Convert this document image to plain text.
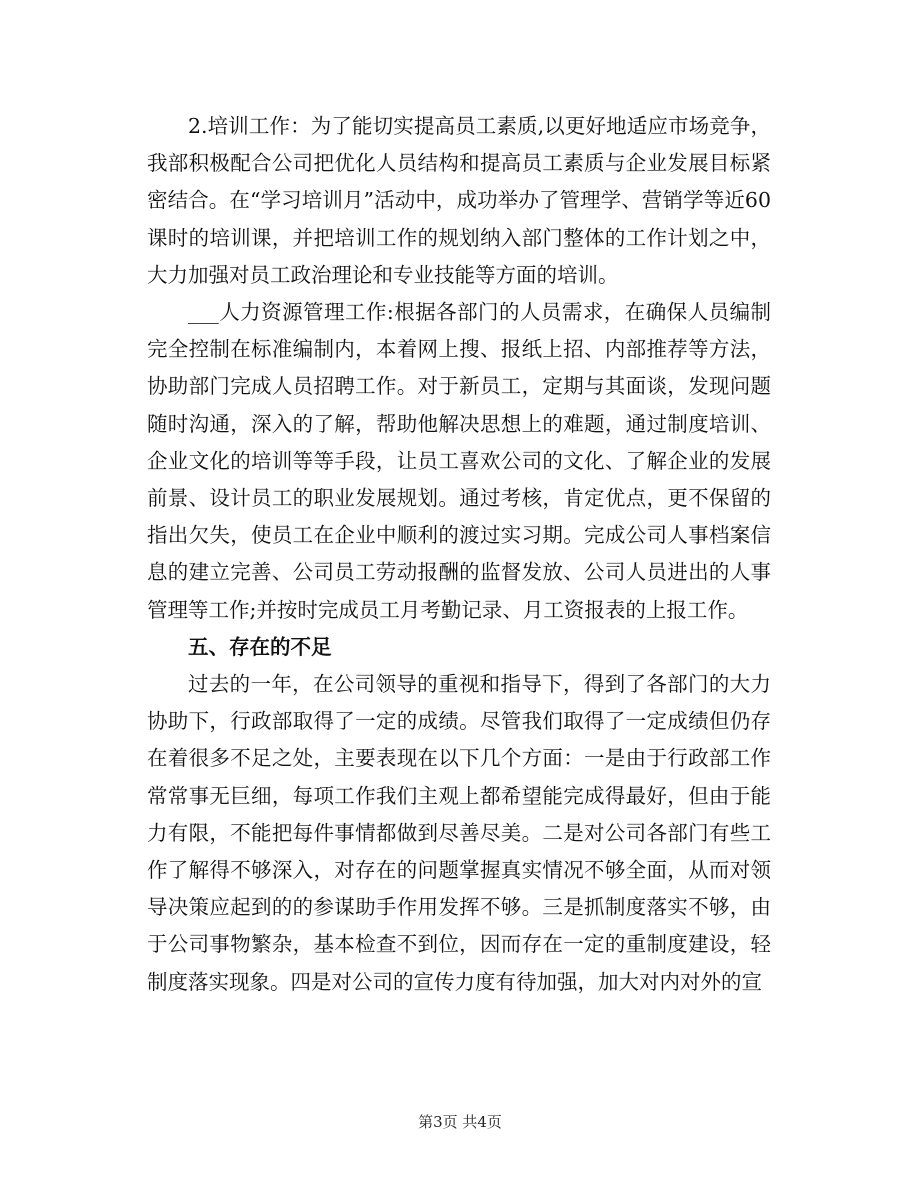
2.培训工作：为了能切实提高员工素质,以更好地适应市场竞争，我部积极配合公司把优化人员结构和提高员工素质与企业发展目标紧密结合。在“学习培训月”活动中，成功举办了管理学、营销学等近60课时的培训课，并把培训工作的规划纳入部门整体的工作计划之中，大力加强对员工政治理论和专业技能等方面的培训。

___人力资源管理工作:根据各部门的人员需求，在确保人员编制完全控制在标准编制内，本着网上搜、报纸上招、内部推荐等方法，协助部门完成人员招聘工作。对于新员工，定期与其面谈，发现问题随时沟通，深入的了解，帮助他解决思想上的难题，通过制度培训、企业文化的培训等等手段，让员工喜欢公司的文化、了解企业的发展前景、设计员工的职业发展规划。通过考核，肯定优点，更不保留的指出欠失，使员工在企业中顺利的渡过实习期。完成公司人事档案信息的建立完善、公司员工劳动报酬的监督发放、公司人员进出的人事管理等工作;并按时完成员工月考勤记录、月工资报表的上报工作。

五、存在的不足

过去的一年，在公司领导的重视和指导下，得到了各部门的大力协助下，行政部取得了一定的成绩。尽管我们取得了一定成绩但仍存在着很多不足之处，主要表现在以下几个方面：一是由于行政部工作常常事无巨细，每项工作我们主观上都希望能完成得最好，但由于能力有限，不能把每件事情都做到尽善尽美。二是对公司各部门有些工作了解得不够深入，对存在的问题掌握真实情况不够全面，从而对领导决策应起到的的参谋助手作用发挥不够。三是抓制度落实不够，由于公司事物繁杂，基本检查不到位，因而存在一定的重制度建设，轻制度落实现象。四是对公司的宣传力度有待加强，加大对内对外的宣

第3页 共4页
